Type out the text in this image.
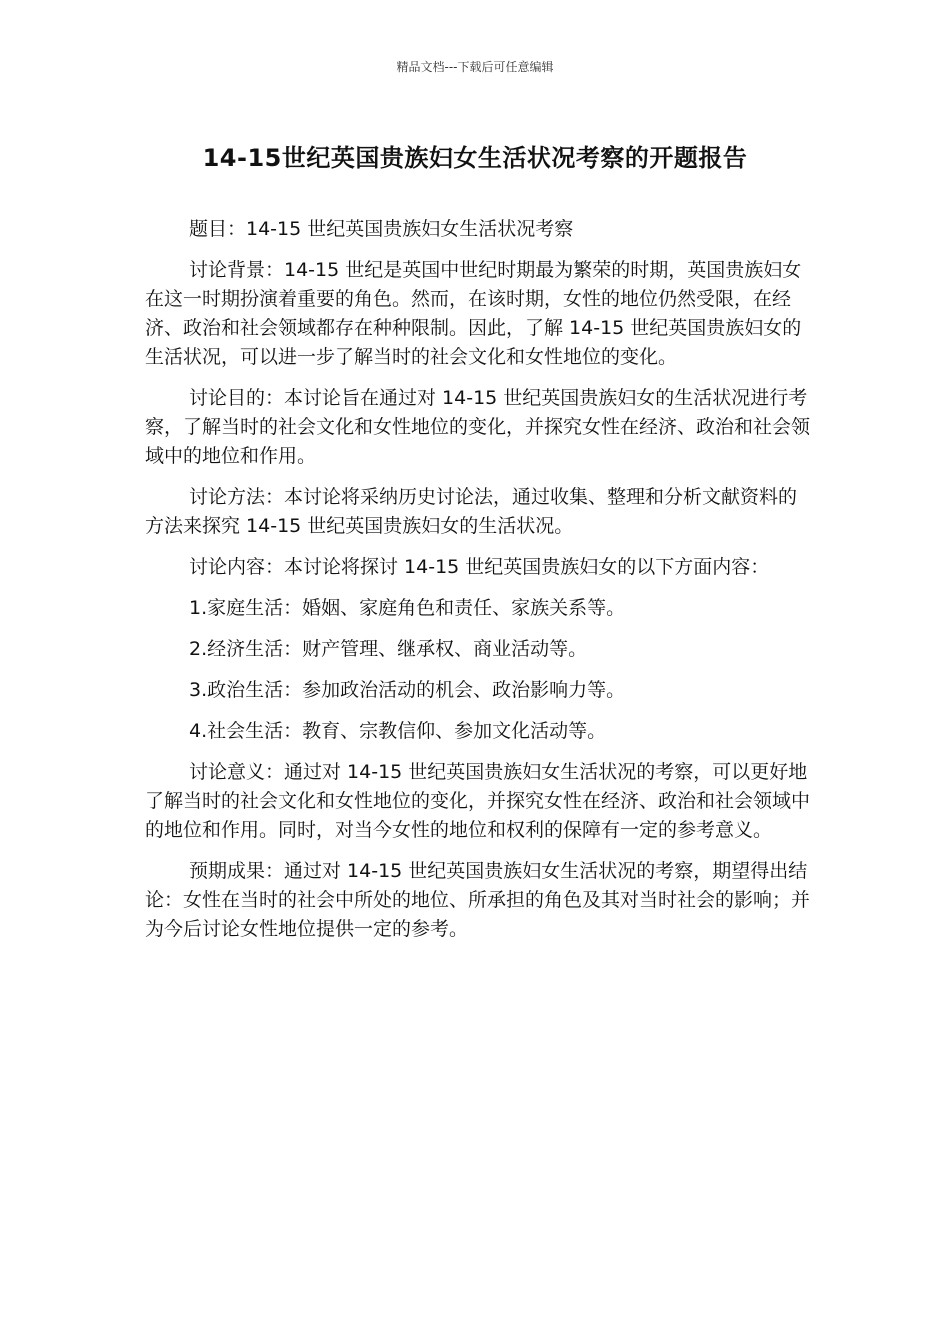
精品文档---下载后可任意编辑
14-15世纪英国贵族妇女生活状况考察的开题报告

题目：14-15 世纪英国贵族妇女生活状况考察

讨论背景：14-15 世纪是英国中世纪时期最为繁荣的时期，英国贵族妇女在这一时期扮演着重要的角色。然而，在该时期，女性的地位仍然受限，在经济、政治和社会领域都存在种种限制。因此，了解 14-15 世纪英国贵族妇女的生活状况，可以进一步了解当时的社会文化和女性地位的变化。

讨论目的：本讨论旨在通过对 14-15 世纪英国贵族妇女的生活状况进行考察，了解当时的社会文化和女性地位的变化，并探究女性在经济、政治和社会领域中的地位和作用。

讨论方法：本讨论将采纳历史讨论法，通过收集、整理和分析文献资料的方法来探究 14-15 世纪英国贵族妇女的生活状况。

讨论内容：本讨论将探讨 14-15 世纪英国贵族妇女的以下方面内容：

1.家庭生活：婚姻、家庭角色和责任、家族关系等。

2.经济生活：财产管理、继承权、商业活动等。

3.政治生活：参加政治活动的机会、政治影响力等。

4.社会生活：教育、宗教信仰、参加文化活动等。

讨论意义：通过对 14-15 世纪英国贵族妇女生活状况的考察，可以更好地了解当时的社会文化和女性地位的变化，并探究女性在经济、政治和社会领域中的地位和作用。同时，对当今女性的地位和权利的保障有一定的参考意义。

预期成果：通过对 14-15 世纪英国贵族妇女生活状况的考察，期望得出结论：女性在当时的社会中所处的地位、所承担的角色及其对当时社会的影响；并为今后讨论女性地位提供一定的参考。
